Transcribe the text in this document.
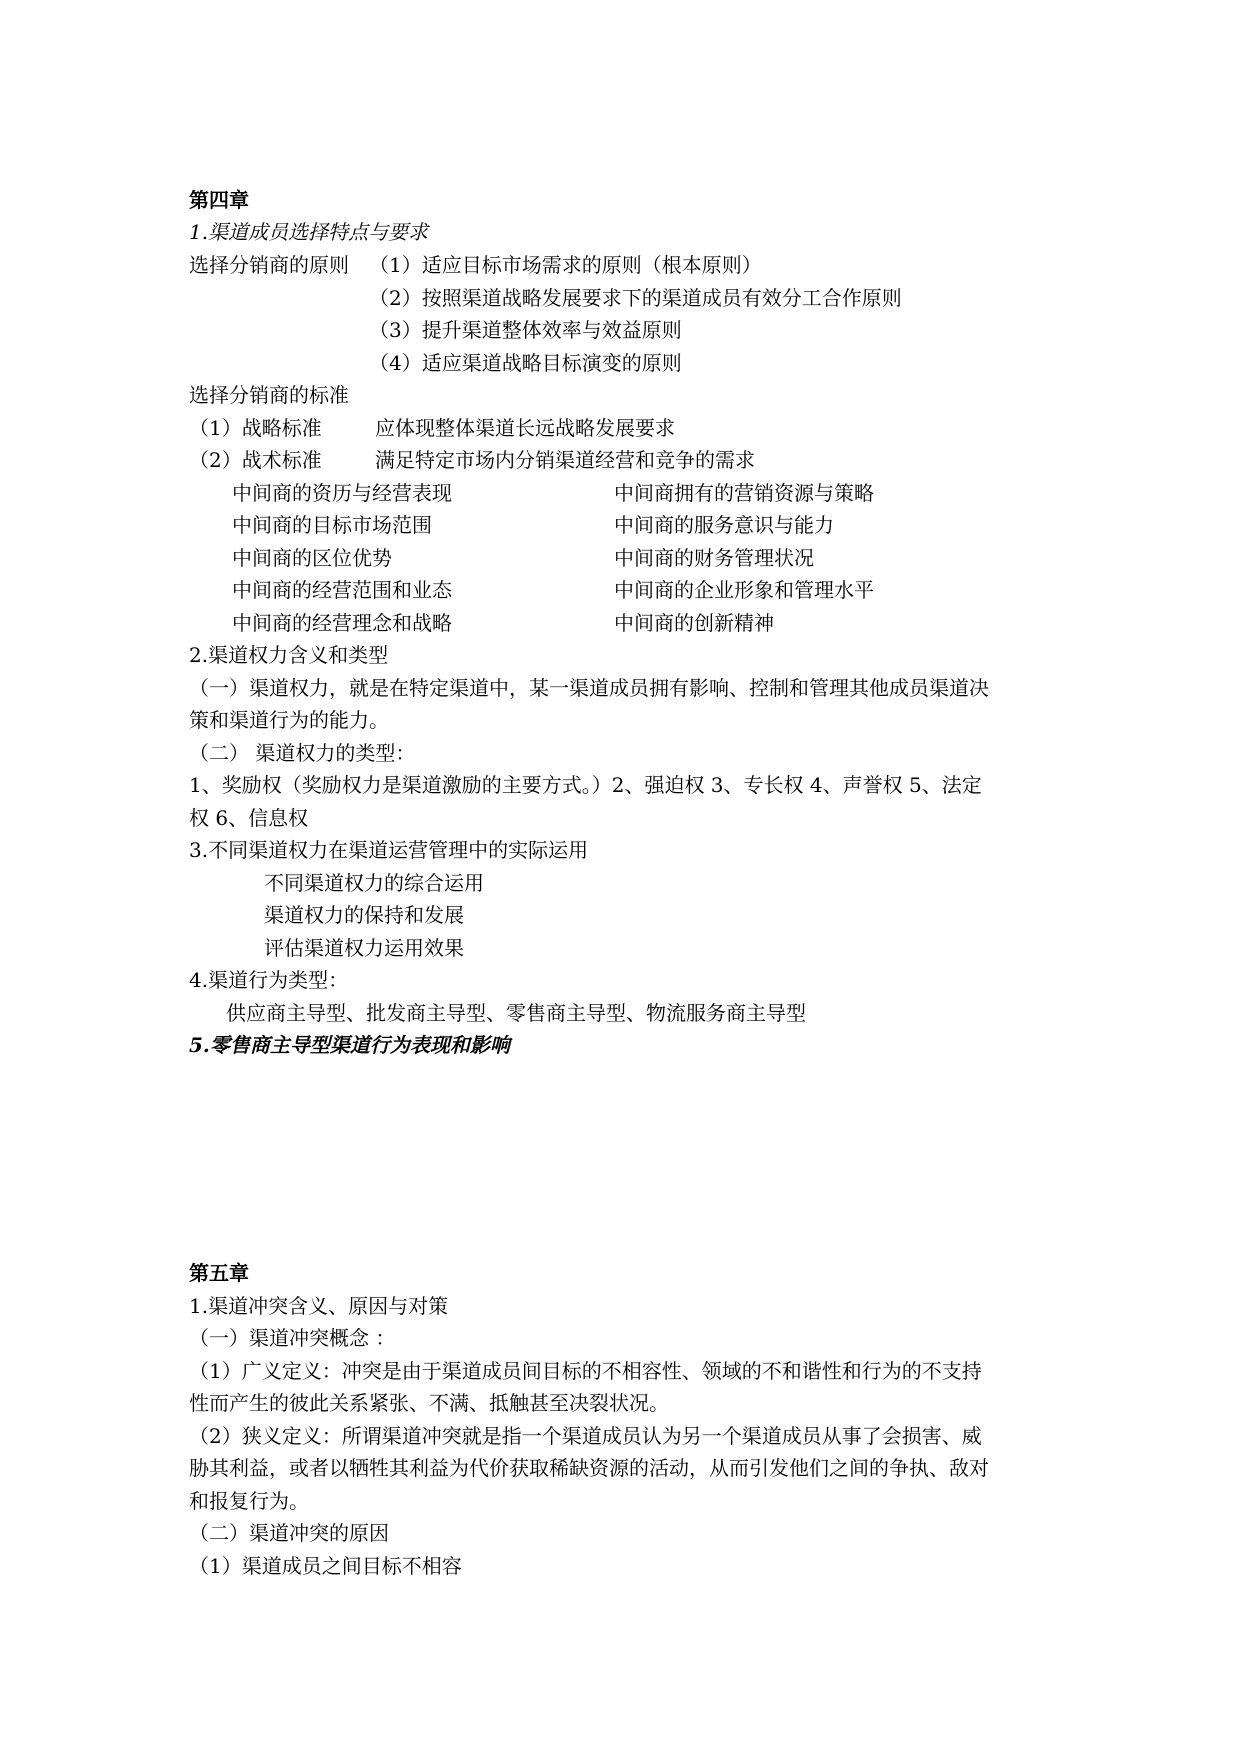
第四章
1.渠道成员选择特点与要求
选择分销商的原则 （1）适应目标市场需求的原则（根本原则）
（2）按照渠道战略发展要求下的渠道成员有效分工合作原则
（3）提升渠道整体效率与效益原则
（4）适应渠道战略目标演变的原则
选择分销商的标准
（1）战略标准	应体现整体渠道长远战略发展要求
（2）战术标准	满足特定市场内分销渠道经营和竞争的需求
中间商的资历与经营表现	中间商拥有的营销资源与策略
中间商的目标市场范围	中间商的服务意识与能力
中间商的区位优势	中间商的财务管理状况
中间商的经营范围和业态	中间商的企业形象和管理水平
中间商的经营理念和战略	中间商的创新精神
2.渠道权力含义和类型
（一）渠道权力，就是在特定渠道中，某一渠道成员拥有影响、控制和管理其他成员渠道决
策和渠道行为的能力。
（二） 渠道权力的类型：
1、奖励权（奖励权力是渠道激励的主要方式。）2、强迫权 3、专长权 4、声誉权 5、法定
权 6、信息权
3.不同渠道权力在渠道运营管理中的实际运用
不同渠道权力的综合运用
渠道权力的保持和发展
评估渠道权力运用效果
4.渠道行为类型：
供应商主导型、批发商主导型、零售商主导型、物流服务商主导型
5.零售商主导型渠道行为表现和影响
第五章
1.渠道冲突含义、原因与对策
（一）渠道冲突概念 ：
（1）广义定义：冲突是由于渠道成员间目标的不相容性、领域的不和谐性和行为的不支持
性而产生的彼此关系紧张、不满、抵触甚至决裂状况。
（2）狭义定义：所谓渠道冲突就是指一个渠道成员认为另一个渠道成员从事了会损害、威
胁其利益，或者以牺牲其利益为代价获取稀缺资源的活动，从而引发他们之间的争执、敌对
和报复行为。
（二）渠道冲突的原因
（1）渠道成员之间目标不相容
